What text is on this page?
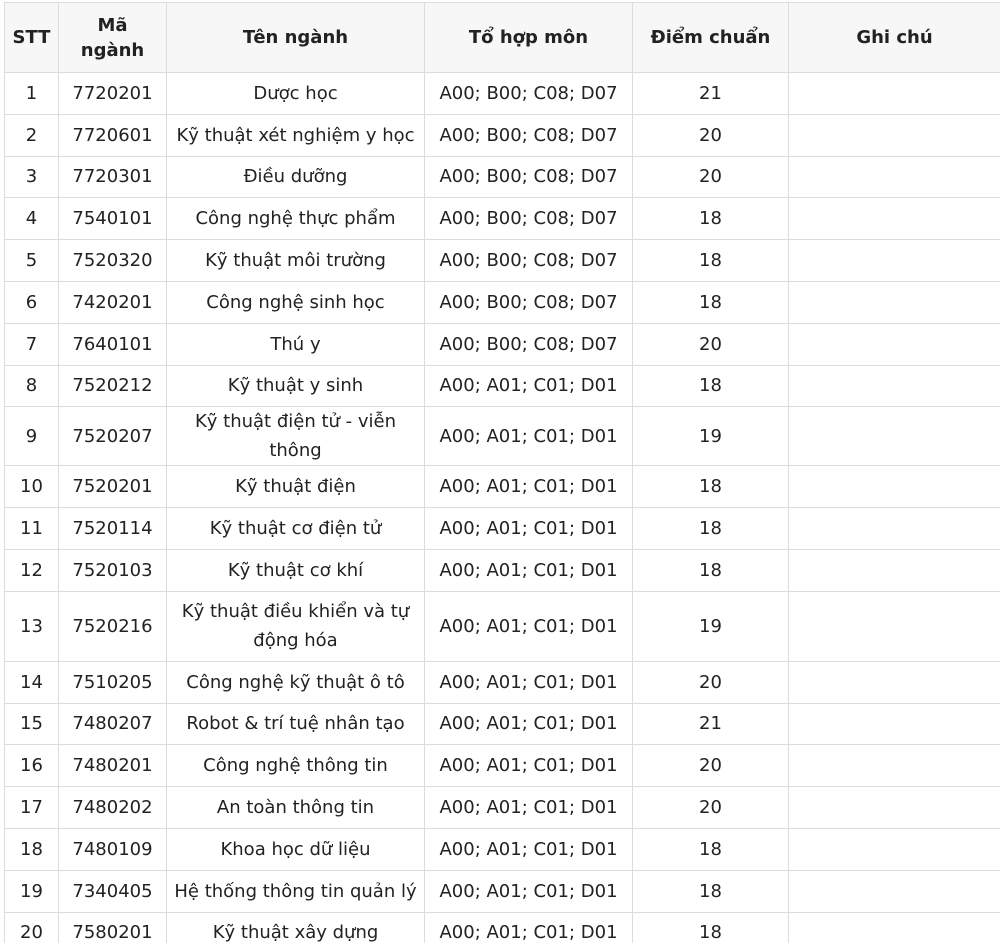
STT	Mã ngành	Tên ngành	Tổ hợp môn	Điểm chuẩn	Ghi chú
1	7720201	Dược học	A00; B00; C08; D07	21	
2	7720601	Kỹ thuật xét nghiệm y học	A00; B00; C08; D07	20	
3	7720301	Điều dưỡng	A00; B00; C08; D07	20	
4	7540101	Công nghệ thực phẩm	A00; B00; C08; D07	18	
5	7520320	Kỹ thuật môi trường	A00; B00; C08; D07	18	
6	7420201	Công nghệ sinh học	A00; B00; C08; D07	18	
7	7640101	Thú y	A00; B00; C08; D07	20	
8	7520212	Kỹ thuật y sinh	A00; A01; C01; D01	18	
9	7520207	Kỹ thuật điện tử - viễn thông	A00; A01; C01; D01	19	
10	7520201	Kỹ thuật điện	A00; A01; C01; D01	18	
11	7520114	Kỹ thuật cơ điện tử	A00; A01; C01; D01	18	
12	7520103	Kỹ thuật cơ khí	A00; A01; C01; D01	18	
13	7520216	Kỹ thuật điều khiển và tự động hóa	A00; A01; C01; D01	19	
14	7510205	Công nghệ kỹ thuật ô tô	A00; A01; C01; D01	20	
15	7480207	Robot & trí tuệ nhân tạo	A00; A01; C01; D01	21	
16	7480201	Công nghệ thông tin	A00; A01; C01; D01	20	
17	7480202	An toàn thông tin	A00; A01; C01; D01	20	
18	7480109	Khoa học dữ liệu	A00; A01; C01; D01	18	
19	7340405	Hệ thống thông tin quản lý	A00; A01; C01; D01	18	
20	7580201	Kỹ thuật xây dựng	A00; A01; C01; D01	18	
